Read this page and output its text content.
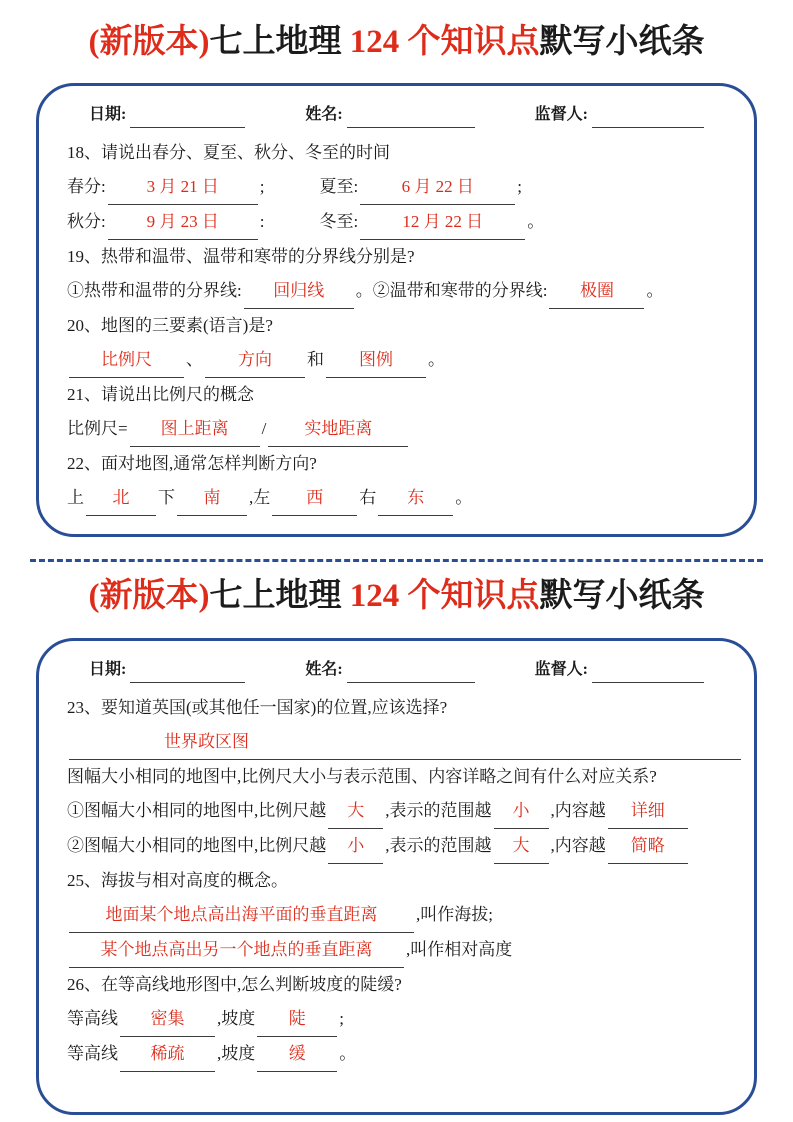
(新版本)七上地理 124 个知识点默写小纸条
日期:	姓名:	监督人:
18、请说出春分、夏至、秋分、冬至的时间
春分: 3 月 21 日 ;	夏至:	6 月 22 日	;
秋分: 9 月 23 日 :	冬至:	12 月 22 日	。
19、热带和温带、温带和寒带的分界线分别是?
①热带和温带的分界线: 回归线 。②温带和寒带的分界线: 极圈 。
20、地图的三要素(语言)是?
比例尺 、 方向 和 图例 。
21、请说出比例尺的概念
比例尺= 图上距离 / 实地距离
22、面对地图,通常怎样判断方向?
上 北 下 南 ,左 西 右 东 。
(新版本)七上地理 124 个知识点默写小纸条
日期:	姓名:	监督人:
23、要知道英国(或其他任一国家)的位置,应该选择?
世界政区图
图幅大小相同的地图中,比例尺大小与表示范围、内容详略之间有什么对应关系?
①图幅大小相同的地图中,比例尺越 大 ,表示的范围越 小 ,内容越 详细
②图幅大小相同的地图中,比例尺越 小 ,表示的范围越 大 ,内容越 简略
25、海拔与相对高度的概念。
地面某个地点高出海平面的垂直距离 ,叫作海拔;
某个地点高出另一个地点的垂直距离 ,叫作相对高度
26、在等高线地形图中,怎么判断坡度的陡缓?
等高线 密集 ,坡度 陡 ;
等高线 稀疏 ,坡度 缓 。
